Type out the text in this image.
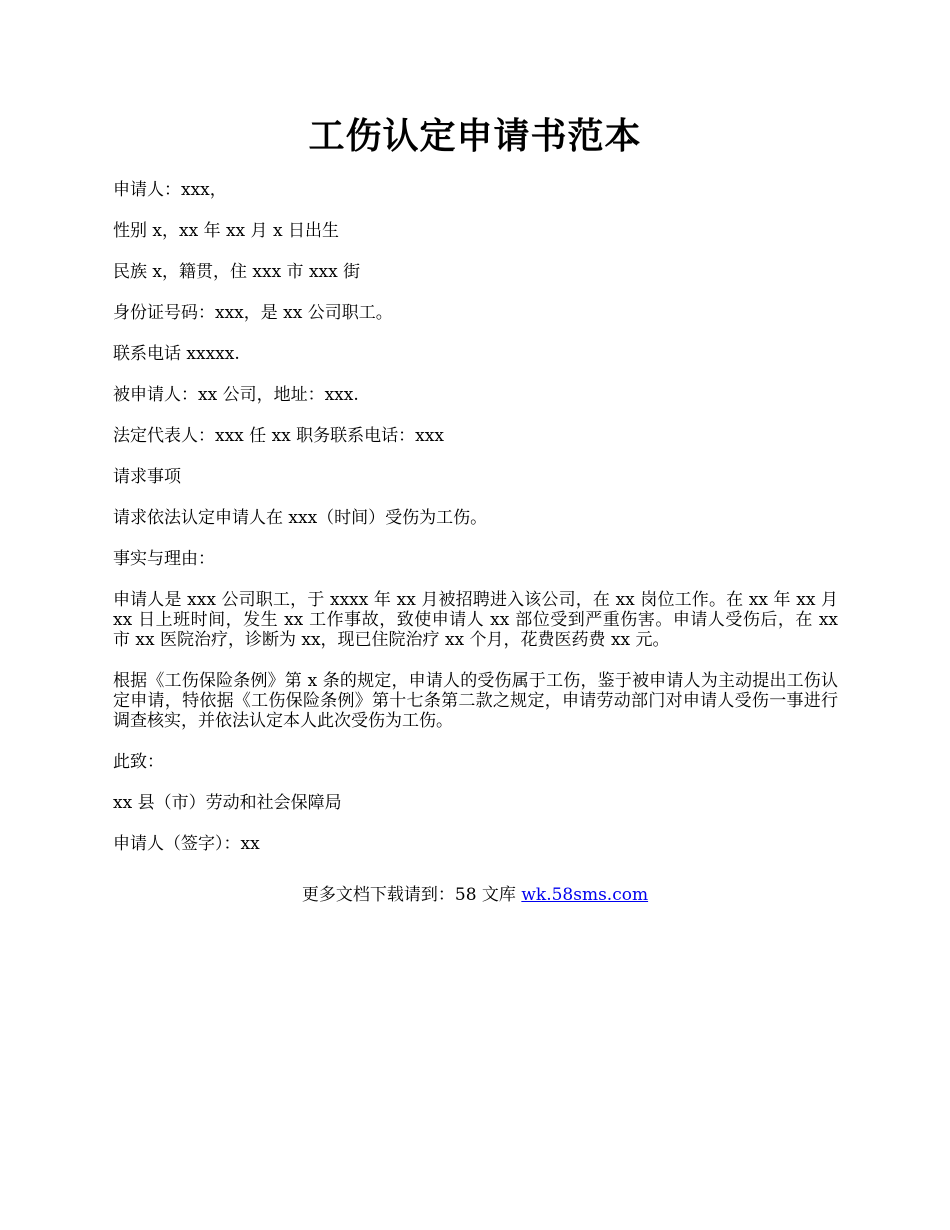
工伤认定申请书范本

申请人：xxx，

性别 x，xx 年 xx 月 x 日出生

民族 x，籍贯，住 xxx 市 xxx 街

身份证号码：xxx，是 xx 公司职工。

联系电话 xxxxx.

被申请人：xx 公司，地址：xxx.

法定代表人：xxx 任 xx 职务联系电话：xxx

请求事项

请求依法认定申请人在 xxx（时间）受伤为工伤。

事实与理由：

申请人是 xxx 公司职工，于 xxxx 年 xx 月被招聘进入该公司，在 xx 岗位工作。在 xx 年 xx 月 xx 日上班时间，发生 xx 工作事故，致使申请人 xx 部位受到严重伤害。申请人受伤后，在 xx 市 xx 医院治疗，诊断为 xx，现已住院治疗 xx 个月，花费医药费 xx 元。

根据《工伤保险条例》第 x 条的规定，申请人的受伤属于工伤，鉴于被申请人为主动提出工伤认定申请，特依据《工伤保险条例》第十七条第二款之规定，申请劳动部门对申请人受伤一事进行调查核实，并依法认定本人此次受伤为工伤。

此致：

xx 县（市）劳动和社会保障局

申请人（签字）：xx

更多文档下载请到：58 文库 wk.58sms.com
